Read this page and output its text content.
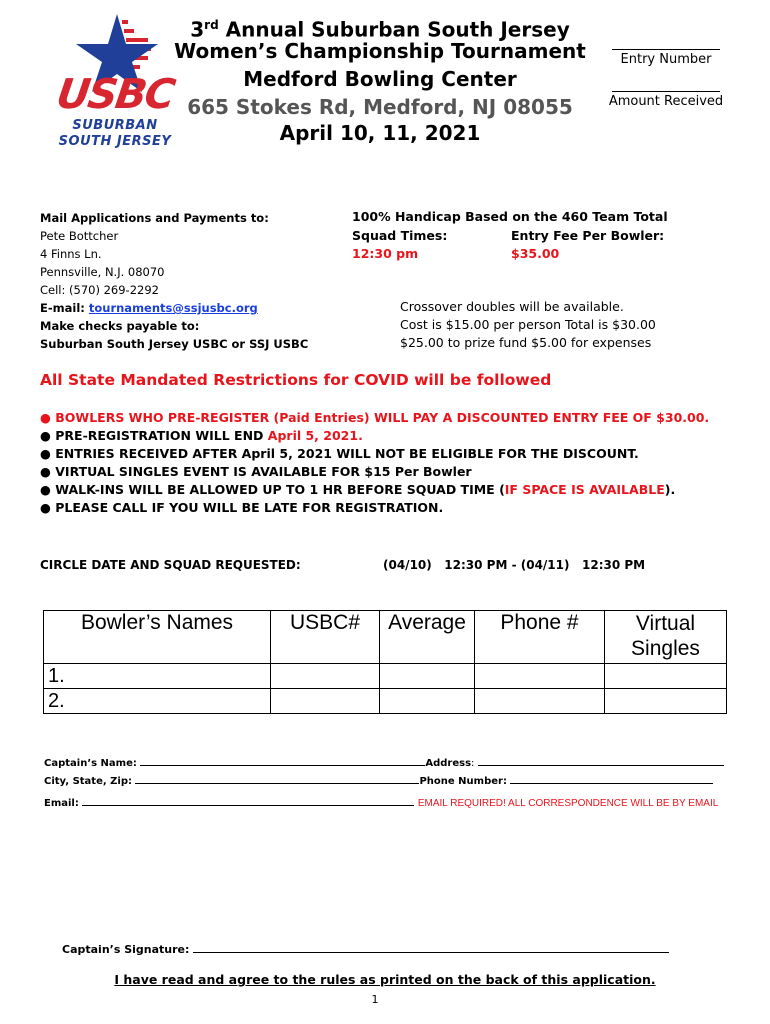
USBC
SUBURBAN
SOUTH JERSEY
3rd Annual Suburban South Jersey
Women’s Championship Tournament
Medford Bowling Center
665 Stokes Rd, Medford, NJ 08055
April 10, 11, 2021
Entry Number
Amount Received
Mail Applications and Payments to:
Pete Bottcher
4 Finns Ln.
Pennsville, N.J. 08070
Cell: (570) 269-2292
E-mail: tournaments@ssjusbc.org
Make checks payable to:
Suburban South Jersey USBC or SSJ USBC
100% Handicap Based on the 460 Team Total
Squad Times:	Entry Fee Per Bowler:
12:30 pm	$35.00
Crossover doubles will be available.
Cost is $15.00 per person Total is $30.00
$25.00 to prize fund $5.00 for expenses
All State Mandated Restrictions for COVID will be followed
● BOWLERS WHO PRE-REGISTER (Paid Entries) WILL PAY A DISCOUNTED ENTRY FEE OF $30.00.
● PRE-REGISTRATION WILL END April 5, 2021.
● ENTRIES RECEIVED AFTER April 5, 2021 WILL NOT BE ELIGIBLE FOR THE DISCOUNT.
● VIRTUAL SINGLES EVENT IS AVAILABLE FOR $15 Per Bowler
● WALK-INS WILL BE ALLOWED UP TO 1 HR BEFORE SQUAD TIME (IF SPACE IS AVAILABLE).
● PLEASE CALL IF YOU WILL BE LATE FOR REGISTRATION.
CIRCLE DATE AND SQUAD REQUESTED:	(04/10)   12:30 PM - (04/11)   12:30 PM
Bowler’s Names	USBC#	Average	Phone #	Virtual
Singles

1.				
2.				
Captain’s Name:	Address:
City, State, Zip:	Phone Number:
Email:	EMAIL REQUIRED! ALL CORRESPONDENCE WILL BE BY EMAIL
Captain’s Signature:
I have read and agree to the rules as printed on the back of this application.
1
